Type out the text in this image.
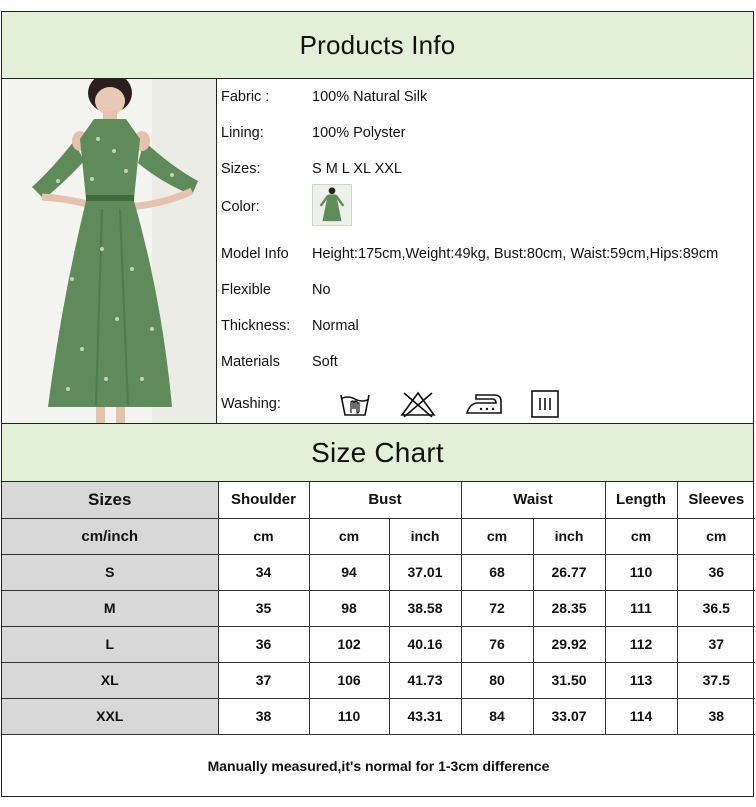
Products Info
Fabric :	100% Natural Silk
Lining:	100% Polyster
Sizes:	S M L XL XXL
Color:
Model Info	Height:175cm,Weight:49kg, Bust:80cm, Waist:59cm,Hips:89cm
Flexible	No
Thickness:	Normal
Materials	Soft
Washing:
Size Chart
Sizes	Shoulder	Bust		Waist		Length	Sleeves
cm/inch	cm	cm	inch	cm	inch	cm	cm
S	34	94	37.01	68	26.77	110	36
M	35	98	38.58	72	28.35	111	36.5
L	36	102	40.16	76	29.92	112	37
XL	37	106	41.73	80	31.50	113	37.5
XXL	38	110	43.31	84	33.07	114	38
Manually measured,it's normal for 1-3cm difference
